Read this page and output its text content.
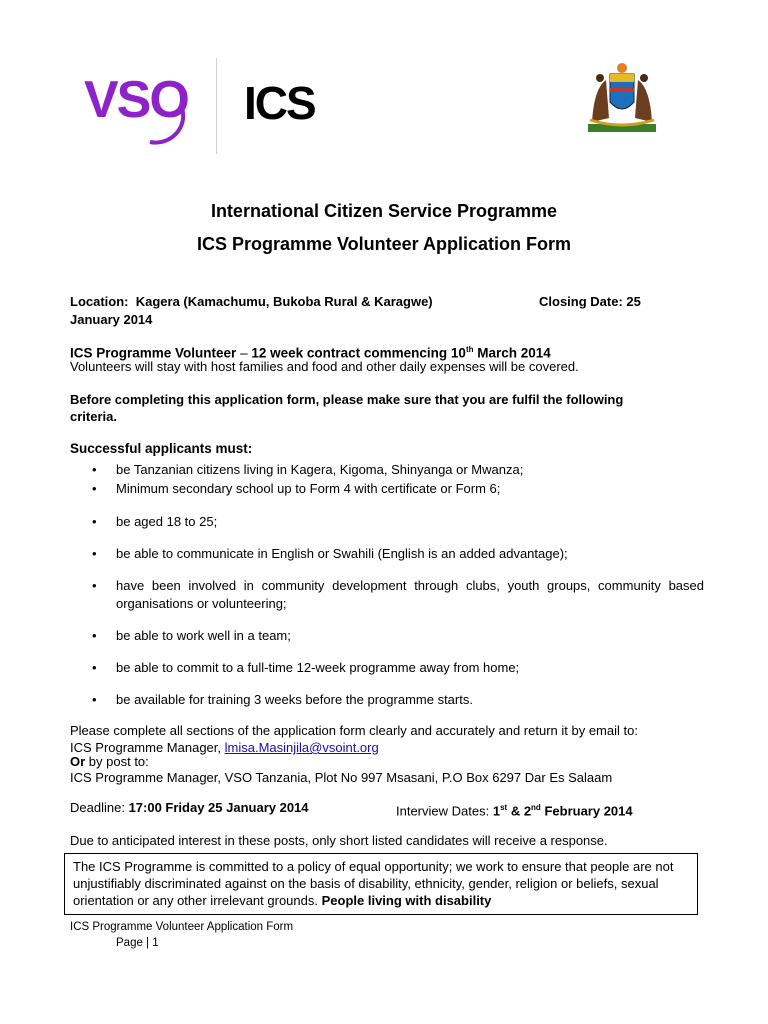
VSO ICS
International Citizen Service Programme
ICS Programme Volunteer Application Form
Location: Kagera (Kamachumu, Bukoba Rural & Karagwe)	Closing Date: 25
January 2014
ICS Programme Volunteer – 12 week contract commencing 10th March 2014
Volunteers will stay with host families and food and other daily expenses will be covered.
Before completing this application form, please make sure that you are fulfil the following
criteria.
Successful applicants must:
• be Tanzanian citizens living in Kagera, Kigoma, Shinyanga or Mwanza;
• Minimum secondary school up to Form 4 with certificate or Form 6;
• be aged 18 to 25;
• be able to communicate in English or Swahili (English is an added advantage);
• have been involved in community development through clubs, youth groups, community based organisations or volunteering;
• be able to work well in a team;
• be able to commit to a full-time 12-week programme away from home;
• be available for training 3 weeks before the programme starts.
Please complete all sections of the application form clearly and accurately and return it by email to:
ICS Programme Manager, lmisa.Masinjila@vsoint.org
Or by post to:
ICS Programme Manager, VSO Tanzania, Plot No 997 Msasani, P.O Box 6297 Dar Es Salaam
Deadline: 17:00 Friday 25 January 2014	Interview Dates: 1st & 2nd February 2014
Due to anticipated interest in these posts, only short listed candidates will receive a response.
The ICS Programme is committed to a policy of equal opportunity; we work to ensure that people are not unjustifiably discriminated against on the basis of disability, ethnicity, gender, religion or beliefs, sexual orientation or any other irrelevant grounds. People living with disability
ICS Programme Volunteer Application Form
Page | 1
